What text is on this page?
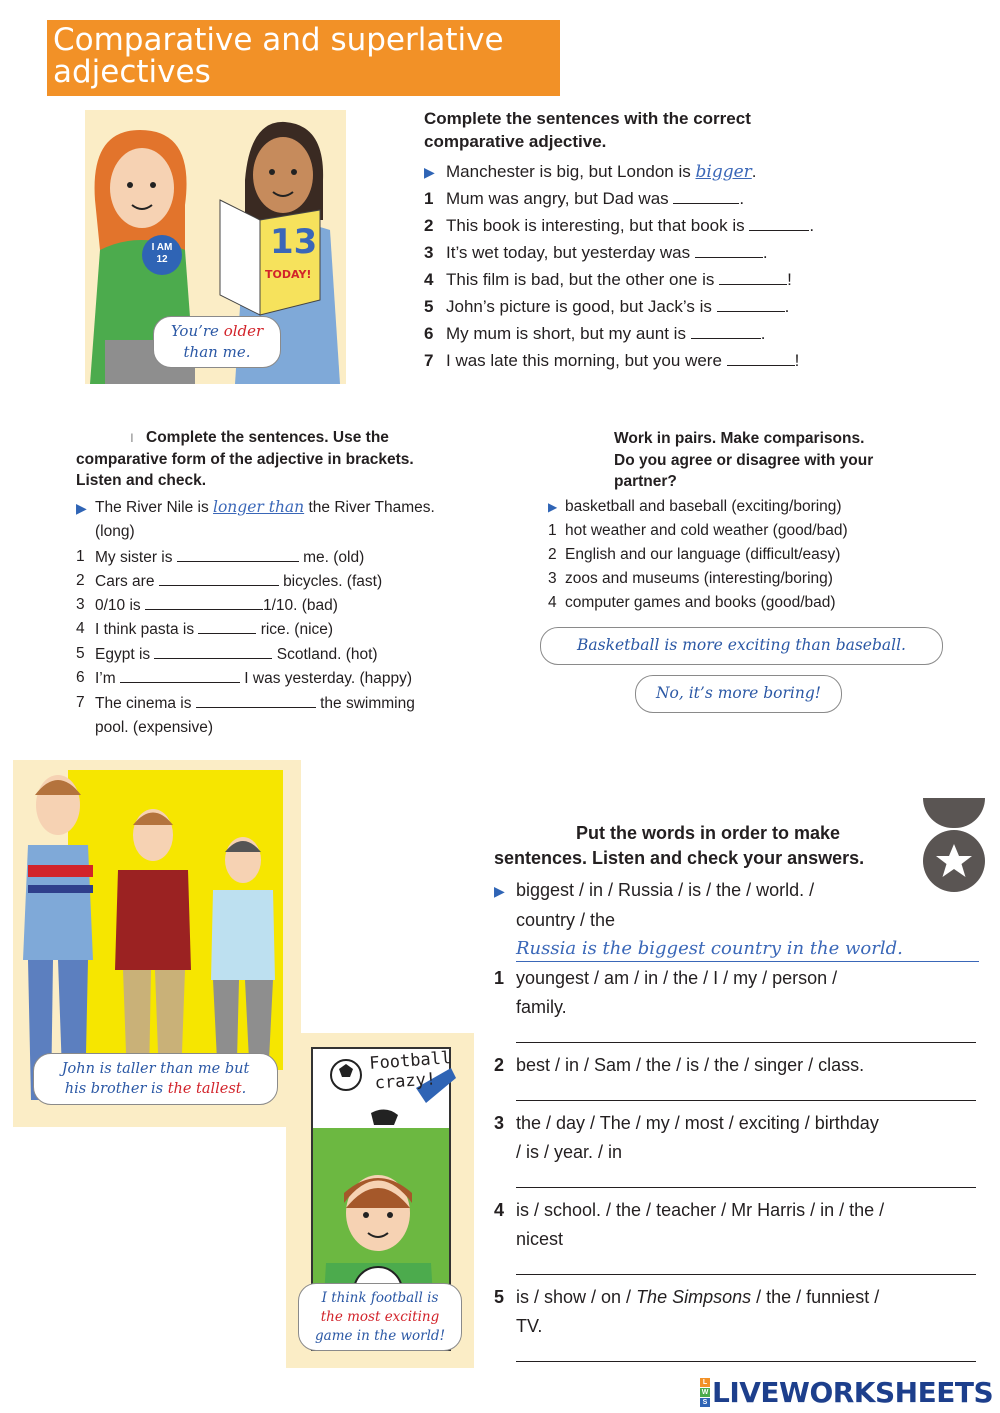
Comparative and superlative
adjectives
I AM
12	13
TODAY!
You’re older
than me.
Complete the sentences with the correct
comparative adjective.
▶ Manchester is big, but London is bigger.
1 Mum was angry, but Dad was	.
2 This book is interesting, but that book is	.
3 It’s wet today, but yesterday was	.
4 This film is bad, but the other one is	!
5 John’s picture is good, but Jack’s is	.
6 My mum is short, but my aunt is	.
7 I was late this morning, but you were	!
ı Complete the sentences. Use the
comparative form of the adjective in brackets.
Listen and check.
▶ The River Nile is longer than the River Thames.
(long)
1 My sister is	me. (old)
2 Cars are	bicycles. (fast)
3 0/10 is	1/10. (bad)
4 I think pasta is	rice. (nice)
5 Egypt is	Scotland. (hot)
6 I’m	I was yesterday. (happy)
7 The cinema is	the swimming
pool. (expensive)
Work in pairs. Make comparisons.
Do you agree or disagree with your
partner?
▶ basketball and baseball (exciting/boring)
1 hot weather and cold weather (good/bad)
2 English and our language (difficult/easy)
3 zoos and museums (interesting/boring)
4 computer games and books (good/bad)
Basketball is more exciting than baseball.
No, it’s more boring!
John is taller than me but
his brother is the tallest.
Football
crazy!
I think football is
the most exciting
game in the world!
Put the words in order to make
sentences. Listen and check your answers.
▶ biggest / in / Russia / is / the / world. /
country / the
Russia is the biggest country in the world.
1 youngest / am / in / the / I / my / person /
family.
2 best / in / Sam / the / is / the / singer / class.
3 the / day / The / my / most / exciting / birthday
/ is / year. / in
4 is / school. / the / teacher / Mr Harris / in / the /
nicest
5 is / show / on / The Simpsons / the / funniest /
TV.
L
W
S LIVEWORKSHEETS
